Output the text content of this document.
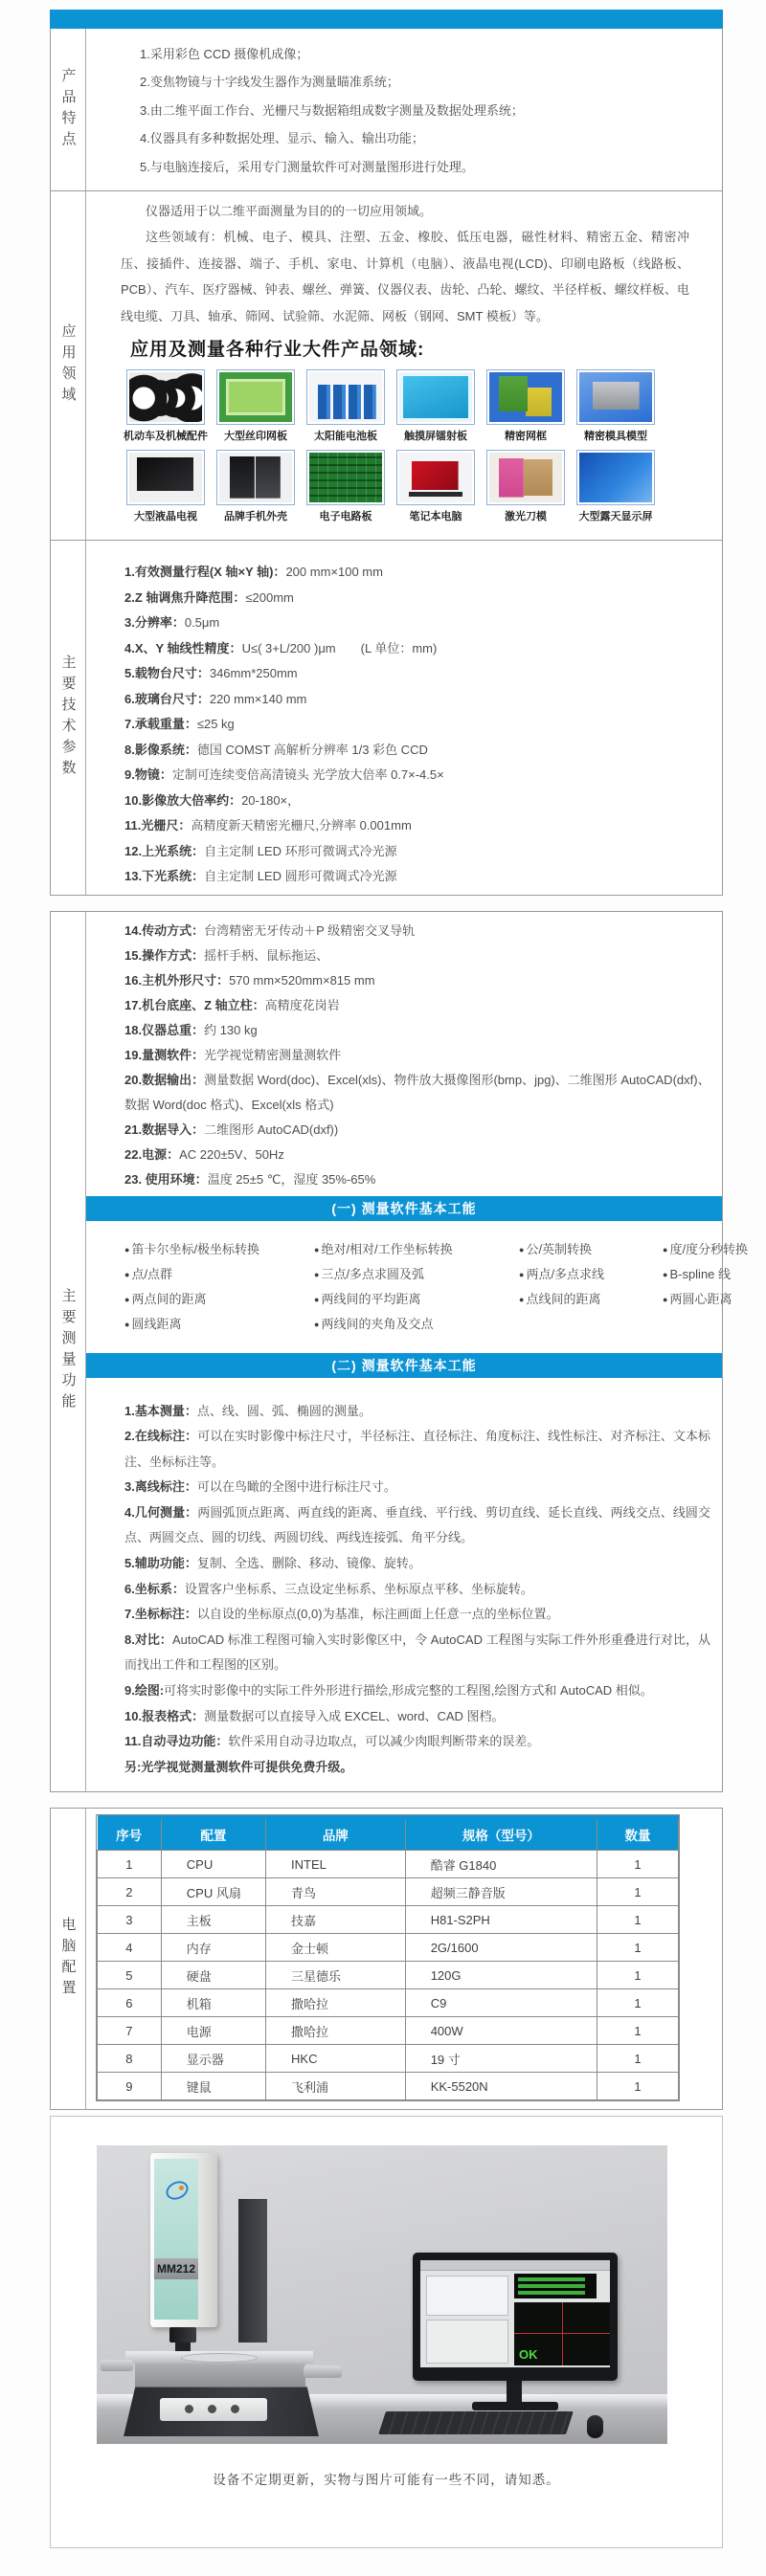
产品特点
1.采用彩色 CCD 摄像机成像；
2.变焦物镜与十字线发生器作为测量瞄准系统；
3.由二维平面工作台、光栅尺与数据箱组成数字测量及数据处理系统；
4.仪器具有多种数据处理、显示、输入、输出功能；
5.与电脑连接后，采用专门测量软件可对测量图形进行处理。
应用领域

仪器适用于以二维平面测量为目的的一切应用领域。

这些领域有：机械、电子、模具、注塑、五金、橡胶、低压电器，磁性材料、精密五金、精密冲压、接插件、连接器、端子、手机、家电、计算机（电脑）、液晶电视(LCD)、印刷电路板（线路板、PCB）、汽车、医疗器械、钟表、螺丝、弹簧、仪器仪表、齿轮、凸轮、螺纹、半径样板、螺纹样板、电线电缆、刀具、轴承、筛网、试验筛、水泥筛、网板（钢网、SMT 模板）等。

应用及测量各种行业大件产品领域:
机动车及机械配件	大型丝印网板	太阳能电池板	触摸屏镭射板	精密网框	精密模具模型
大型液晶电视	品牌手机外壳	电子电路板	笔记本电脑	激光刀模	大型露天显示屏
主要技术参数
1.有效测量行程(X 轴×Y 轴)：200 mm×100 mm
2.Z 轴调焦升降范围：≤200mm
3.分辨率：0.5μm
4.X、Y 轴线性精度：U≤( 3+L/200 )μm　　(L 单位：mm)
5.载物台尺寸：346mm*250mm
6.玻璃台尺寸：220 mm×140 mm
7.承载重量：≤25 kg
8.影像系统：德国 COMST 高解析分辨率 1/3 彩色 CCD
9.物镜：定制可连续变倍高清镜头 光学放大倍率 0.7×-4.5×
10.影像放大倍率约：20-180×，
11.光栅尺：高精度新天精密光栅尺,分辨率 0.001mm
12.上光系统：自主定制 LED 环形可微调式冷光源
13.下光系统：自主定制 LED 圆形可微调式冷光源
主要测量功能
14.传动方式：台湾精密无牙传动＋P 级精密交叉导轨
15.操作方式：摇杆手柄、鼠标拖运、
16.主机外形尺寸：570 mm×520mm×815 mm
17.机台底座、Z 轴立柱：高精度花岗岩
18.仪器总重：约 130 kg
19.量测软件：光学视觉精密测量测软件
20.数据输出：测量数据 Word(doc)、Excel(xls)、物件放大摄像图形(bmp、jpg)、二维图形 AutoCAD(dxf)、数据 Word(doc 格式)、Excel(xls 格式)
21.数据导入：二维图形 AutoCAD(dxf))
22.电源：AC 220±5V、50Hz
23. 使用环境：温度 25±5 ℃，湿度 35%-65%
(一) 测量软件基本工能
● 笛卡尔坐标/极坐标转换	● 绝对/相对/工作坐标转换	● 公/英制转换	● 度/度分秒转换
● 点/点群	● 三点/多点求圆及弧	● 两点/多点求线	● B-spline 线
● 两点间的距离	● 两线间的平均距离	● 点线间的距离	● 两圆心距离
● 圆线距离	● 两线间的夹角及交点
(二) 测量软件基本工能
1.基本测量：点、线、圆、弧、椭圆的测量。
2.在线标注：可以在实时影像中标注尺寸，半径标注、直径标注、角度标注、线性标注、对齐标注、文本标注、坐标标注等。
3.离线标注：可以在鸟瞰的全图中进行标注尺寸。
4.几何测量：两圆弧顶点距离、两直线的距离、垂直线、平行线、剪切直线、延长直线、两线交点、线圆交点、两圆交点、圆的切线、两圆切线、两线连接弧、角平分线。
5.辅助功能：复制、全选、删除、移动、镜像、旋转。
6.坐标系：设置客户坐标系、三点设定坐标系、坐标原点平移、坐标旋转。
7.坐标标注：以自设的坐标原点(0,0)为基准，标注画面上任意一点的坐标位置。
8.对比：AutoCAD 标准工程图可输入实时影像区中，令 AutoCAD 工程图与实际工件外形重叠进行对比，从而找出工件和工程图的区别。
9.绘图:可将实时影像中的实际工件外形进行描绘,形成完整的工程图,绘图方式和 AutoCAD 相似。
10.报表格式：测量数据可以直接导入成 EXCEL、word、CAD 图档。
11.自动寻边功能：软件采用自动寻边取点，可以减少肉眼判断带来的误差。
另:光学视觉测量测软件可提供免费升级。
电脑配置
序号	配置	品牌	规格（型号）	数量
1	CPU	INTEL	酷睿 G1840	1
2	CPU 风扇	青鸟	超频三静音版	1
3	主板	技嘉	H81-S2PH	1
4	内存	金士顿	2G/1600	1
5	硬盘	三星德乐	120G	1
6	机箱	撒哈拉	C9	1
7	电源	撒哈拉	400W	1
8	显示器	HKC	19 寸	1
9	键鼠	飞利浦	KK-5520N	1
MM212
OK
设备不定期更新，实物与图片可能有一些不同，请知悉。
